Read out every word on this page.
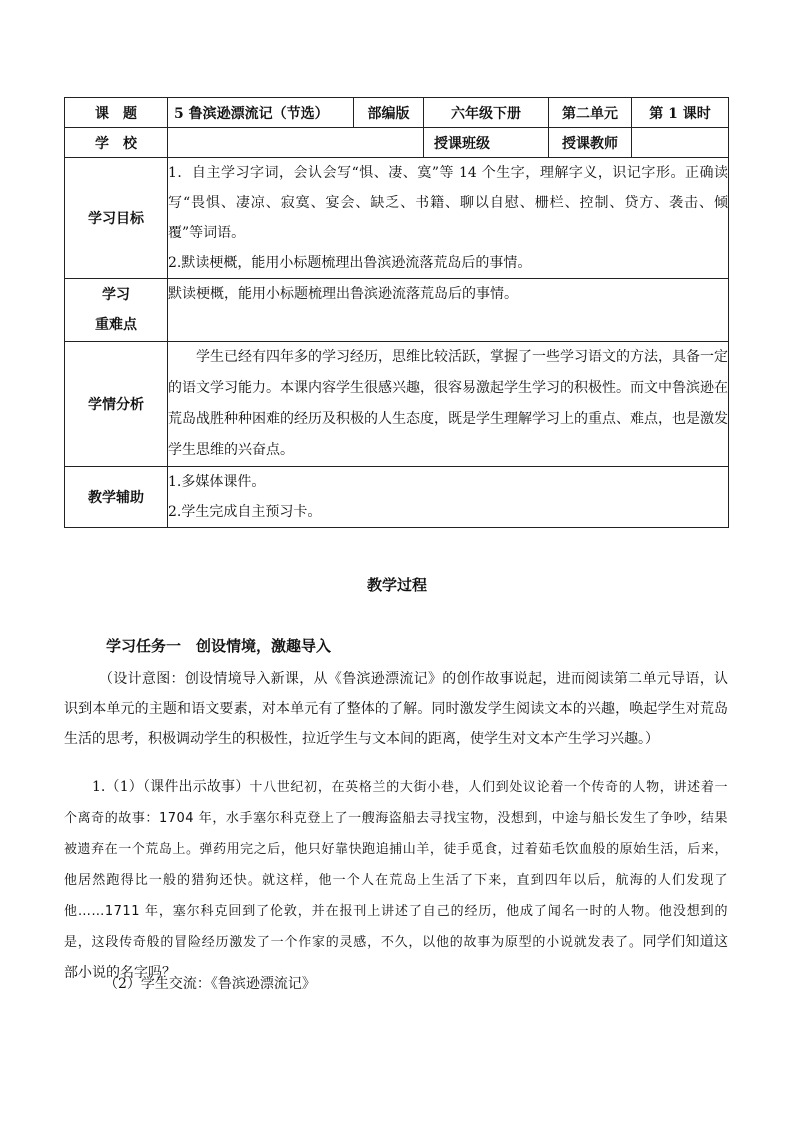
课　题	5 鲁滨逊漂流记（节选）	部编版	六年级下册	第二单元	第 1 课时
学　校			授课班级	授课教师	
学习目标	1．自主学习字词，会认会写“惧、凄、寞”等 14 个生字，理解字义，识记字形。正确读写“畏惧、凄凉、寂寞、宴会、缺乏、书籍、聊以自慰、栅栏、控制、贷方、袭击、倾覆”等词语。
2.默读梗概，能用小标题梳理出鲁滨逊流落荒岛后的事情。				

学习
重难点	默读梗概，能用小标题梳理出鲁滨逊流落荒岛后的事情。				
学情分析	学生已经有四年多的学习经历，思维比较活跃，掌握了一些学习语文的方法，具备一定的语文学习能力。本课内容学生很感兴趣，很容易激起学生学习的积极性。而文中鲁滨逊在荒岛战胜种种困难的经历及积极的人生态度，既是学生理解学习上的重点、难点，也是激发学生思维的兴奋点。				
教学辅助	1.多媒体课件。
2.学生完成自主预习卡。				
教学过程
学习任务一　创设情境，激趣导入
（设计意图：创设情境导入新课，从《鲁滨逊漂流记》的创作故事说起，进而阅读第二单元导语，认识到本单元的主题和语文要素，对本单元有了整体的了解。同时激发学生阅读文本的兴趣，唤起学生对荒岛生活的思考，积极调动学生的积极性，拉近学生与文本间的距离，使学生对文本产生学习兴趣。）
1.（1）（课件出示故事）十八世纪初，在英格兰的大街小巷，人们到处议论着一个传奇的人物，讲述着一个离奇的故事：1704 年，水手塞尔科克登上了一艘海盗船去寻找宝物，没想到，中途与船长发生了争吵，结果被遗弃在一个荒岛上。弹药用完之后，他只好靠快跑追捕山羊，徒手觅食，过着茹毛饮血般的原始生活，后来，他居然跑得比一般的猎狗还快。就这样，他一个人在荒岛上生活了下来，直到四年以后，航海的人们发现了他……1711 年，塞尔科克回到了伦敦，并在报刊上讲述了自己的经历，他成了闻名一时的人物。他没想到的是，这段传奇般的冒险经历激发了一个作家的灵感，不久，以他的故事为原型的小说就发表了。同学们知道这部小说的名字吗？
（2）学生交流：《鲁滨逊漂流记》
